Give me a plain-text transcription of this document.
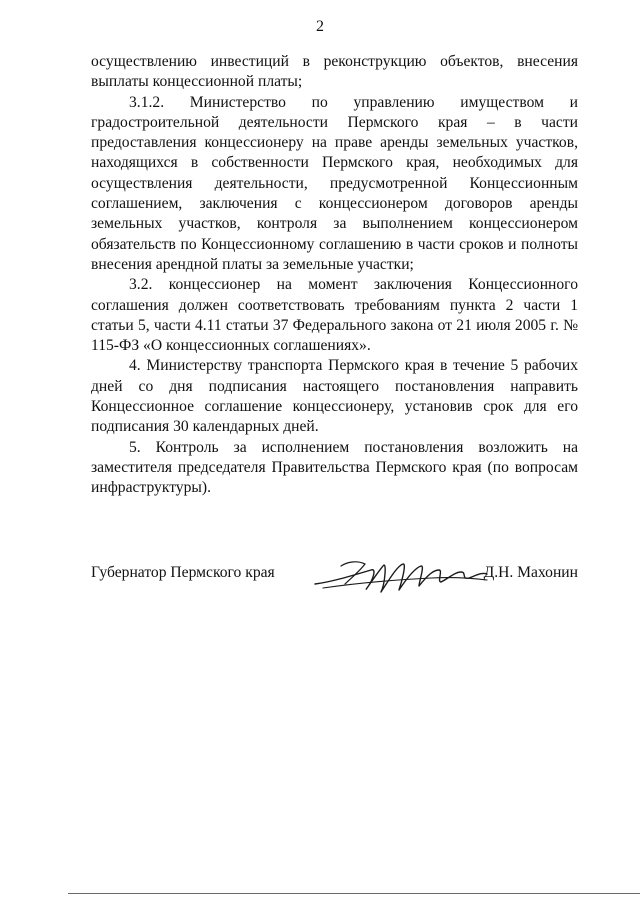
2

осуществлению инвестиций в реконструкцию объектов, внесения выплаты концессионной платы;

3.1.2. Министерство по управлению имуществом и градостроительной деятельности Пермского края – в части предоставления концессионеру на праве аренды земельных участков, находящихся в собственности Пермского края, необходимых для осуществления деятельности, предусмотренной Концессионным соглашением, заключения с концессионером договоров аренды земельных участков, контроля за выполнением концессионером обязательств по Концессионному соглашению в части сроков и полноты внесения арендной платы за земельные участки;

3.2. концессионер на момент заключения Концессионного соглашения должен соответствовать требованиям пункта 2 части 1 статьи 5, части 4.11 статьи 37 Федерального закона от 21 июля 2005 г. № 115-ФЗ «О концессионных соглашениях».

4. Министерству транспорта Пермского края в течение 5 рабочих дней со дня подписания настоящего постановления направить Концессионное соглашение концессионеру, установив срок для его подписания 30 календарных дней.

5. Контроль за исполнением постановления возложить на заместителя председателя Правительства Пермского края (по вопросам инфраструктуры).

Губернатор Пермского края	Д.Н. Махонин
